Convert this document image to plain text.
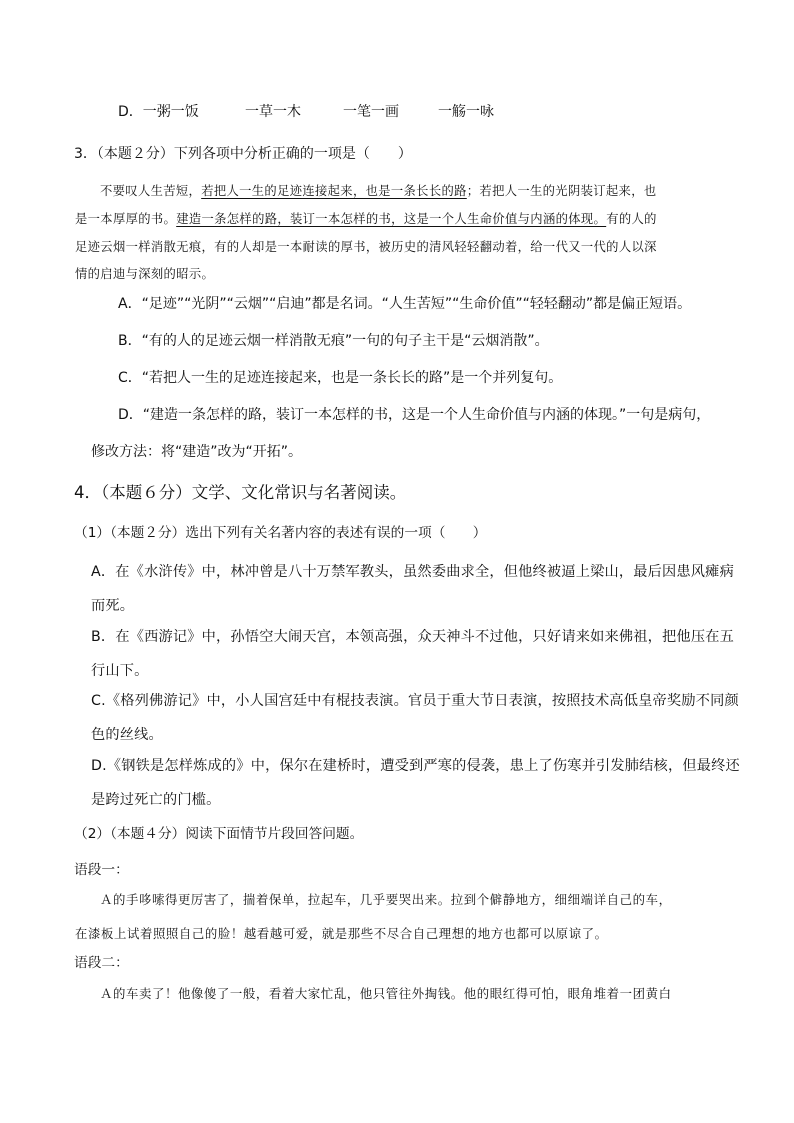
D．一粥一饭	一草一木	一笔一画	一觞一咏
3．（本题２分）下列各项中分析正确的一项是（　　）
不要叹人生苦短，若把人一生的足迹连接起来，也是一条长长的路；若把人一生的光阴装订起来，也
是一本厚厚的书。建造一条怎样的路，装订一本怎样的书，这是一个人生命价值与内涵的体现。有的人的
足迹云烟一样消散无痕，有的人却是一本耐读的厚书，被历史的清风轻轻翻动着，给一代又一代的人以深
情的启迪与深刻的昭示。
A．“足迹”“光阴”“云烟”“启迪”都是名词。“人生苦短”“生命价值”“轻轻翻动”都是偏正短语。
B．“有的人的足迹云烟一样消散无痕”一句的句子主干是“云烟消散”。
C．“若把人一生的足迹连接起来，也是一条长长的路”是一个并列复句。
D．“建造一条怎样的路，装订一本怎样的书，这是一个人生命价值与内涵的体现。”一句是病句，
修改方法：将“建造”改为“开拓”。
4．（本题６分）文学、文化常识与名著阅读。
（1）（本题２分）选出下列有关名著内容的表述有误的一项（　　）
A．在《水浒传》中，林冲曾是八十万禁军教头，虽然委曲求全，但他终被逼上梁山，最后因患风瘫病
而死。
B．在《西游记》中，孙悟空大闹天宫，本领高强，众天神斗不过他，只好请来如来佛祖，把他压在五
行山下。
C.《格列佛游记》中，小人国宫廷中有棍技表演。官员于重大节日表演，按照技术高低皇帝奖励不同颜
色的丝线。
D.《钢铁是怎样炼成的》中，保尔在建桥时，遭受到严寒的侵袭，患上了伤寒并引发肺结核，但最终还
是跨过死亡的门槛。
（2）（本题４分）阅读下面情节片段回答问题。
语段一：
Ａ的手哆嗦得更厉害了，揣着保单，拉起车，几乎要哭出来。拉到个僻静地方，细细端详自己的车，
在漆板上试着照照自己的脸！越看越可爱，就是那些不尽合自己理想的地方也都可以原谅了。
语段二：
Ａ的车卖了！他像傻了一般，看着大家忙乱，他只管往外掏钱。他的眼红得可怕，眼角堆着一团黄白
